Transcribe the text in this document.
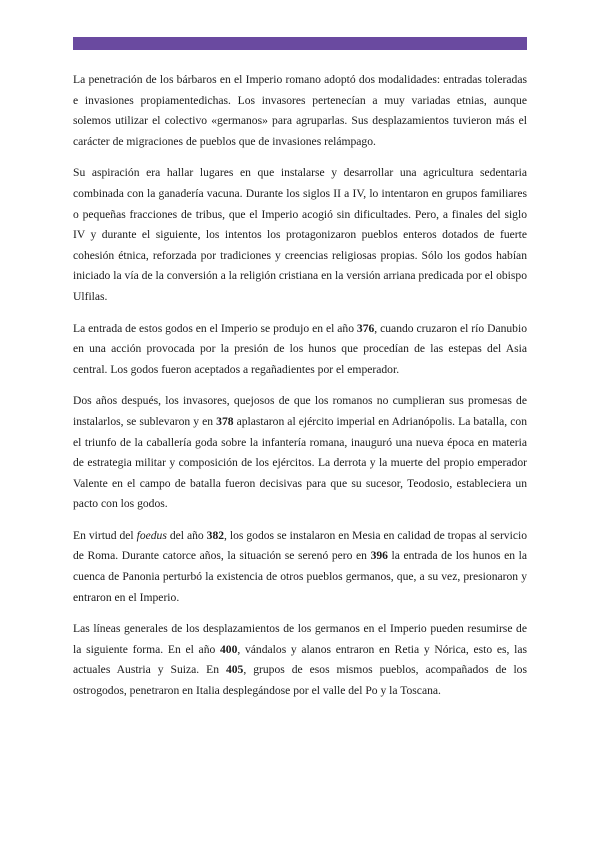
La penetración de los bárbaros en el Imperio romano adoptó dos modalidades: entradas toleradas e invasiones propiamentedichas. Los invasores pertenecían a muy variadas etnias, aunque solemos utilizar el colectivo «germanos» para agruparlas. Sus desplazamientos tuvieron más el carácter de migraciones de pueblos que de invasiones relámpago.

Su aspiración era hallar lugares en que instalarse y desarrollar una agricultura sedentaria combinada con la ganadería vacuna. Durante los siglos II a IV, lo intentaron en grupos familiares o pequeñas fracciones de tribus, que el Imperio acogió sin dificultades. Pero, a finales del siglo IV y durante el siguiente, los intentos los protagonizaron pueblos enteros dotados de fuerte cohesión étnica, reforzada por tradiciones y creencias religiosas propias. Sólo los godos habían iniciado la vía de la conversión a la religión cristiana en la versión arriana predicada por el obispo Ulfilas.

La entrada de estos godos en el Imperio se produjo en el año 376, cuando cruzaron el río Danubio en una acción provocada por la presión de los hunos que procedían de las estepas del Asia central. Los godos fueron aceptados a regañadientes por el emperador.

Dos años después, los invasores, quejosos de que los romanos no cumplieran sus promesas de instalarlos, se sublevaron y en 378 aplastaron al ejército imperial en Adrianópolis. La batalla, con el triunfo de la caballería goda sobre la infantería romana, inauguró una nueva época en materia de estrategia militar y composición de los ejércitos. La derrota y la muerte del propio emperador Valente en el campo de batalla fueron decisivas para que su sucesor, Teodosio, estableciera un pacto con los godos.

En virtud del foedus del año 382, los godos se instalaron en Mesia en calidad de tropas al servicio de Roma. Durante catorce años, la situación se serenó pero en 396 la entrada de los hunos en la cuenca de Panonia perturbó la existencia de otros pueblos germanos, que, a su vez, presionaron y entraron en el Imperio.

Las líneas generales de los desplazamientos de los germanos en el Imperio pueden resumirse de la siguiente forma. En el año 400, vándalos y alanos entraron en Retia y Nórica, esto es, las actuales Austria y Suiza. En 405, grupos de esos mismos pueblos, acompañados de los ostrogodos, penetraron en Italia desplegándose por el valle del Po y la Toscana.
